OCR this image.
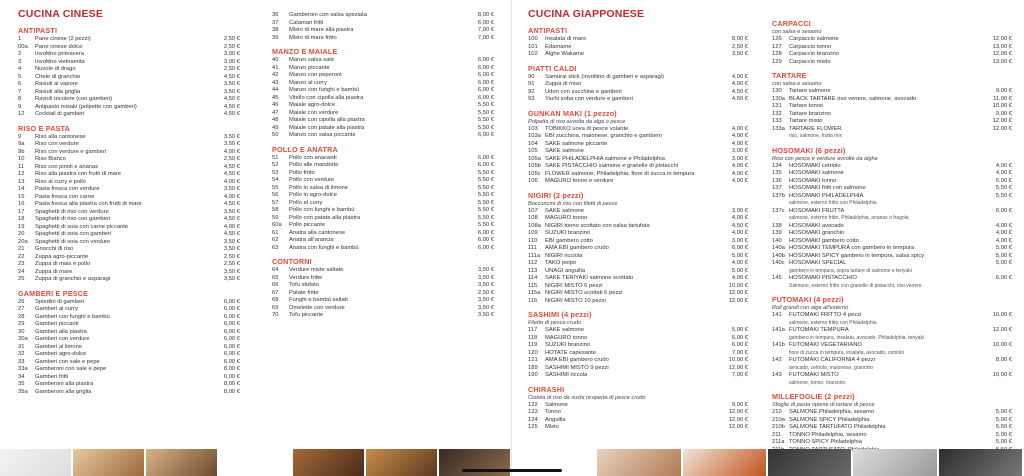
CUCINA CINESE
ANTIPASTI
1	Pane cinese (2 pezzi)	2,50 €
00a	Pane cinese dolce	2,50 €
2	Involtino primavera	3,00 €
3	Involtino vietnamita	3,00 €
4	Nuvole di drago	2,50 €
5	Chele di granchio	4,50 €
6	Ravioli al vapore	3,50 €
7	Ravioli alla griglia	3,50 €
8	Ravioli tricolore (con gamberi)	4,50 €
9	Antipasto misaki (polpette con gamberi)	4,50 €
12	Cocktail di gamberi	4,50 €
RISO E PASTA
9	Riso alla cantonese	3,50 €
9a	Riso con verdure	3,50 €
9b	Riso con verdure e gamberi	4,00 €
10	Riso Bianco	2,50 €
11	Riso con pinoli e ananas	4,50 €
12	Riso alla piastra con frutti di mare	4,50 €
13	Riso al curry e pollo	4,00 €
14	Pasta fresca con verdure	3,50 €
15	Pasta fresca con carne	4,00 €
16	Pasta fresca alla piastra con frutti di mare	4,50 €
17	Spaghetti di riso con verdure	3,50 €
18	Spaghetti di riso con gamberi	4,50 €
19	Spaghetti di soia con carne piccante	4,00 €
20	Spaghetti di soia con gamberi	4,50 €
20a	Spaghetti di soia con verdure	3,50 €
21	Gnocchi di riso	3,50 €
22	Zuppa agro-piccante	2,50 €
23	Zuppa di mais e pollo	2,50 €
24	Zuppa di mare	3,50 €
25	Zuppa di granchio e asparagi	3,50 €
GAMBERI E PESCE
26	Spiedini di gamberi	6,00 €
27	Gamberi al curry	6,00 €
28	Gamberi con funghi e bambù	6,00 €
29	Gamberi piccanti	6,00 €
30	Gamberi alla piastra	6,00 €
30a	Gamberi con verdure	6,00 €
31	Gamberi al limone	6,00 €
32	Gamberi agro-dolce	6,00 €
33	Gamberi con sale e pepe	6,00 €
33a	Gamberoni con sale e pepe	8,00 €
34	Gamberi fritti	6,00 €
35	Gamberoni alla piastra	8,00 €
35a	Gamberoni alla griglia	8,00 €
36	Gamberoni con salsa speziata	8,00 €
37	Calamari fritti	6,00 €
38	Misto di mare alla piastra	7,00 €
39	Misto di mare fritto	7,00 €
MANZO E MAIALE
40	Manzo salsa saté	6,00 €
41	Manzo piccante	6,00 €
42	Manzo con peperoni	6,00 €
43	Manzo al curry	6,00 €
44	Manzo con funghi e bambù	6,00 €
45	Vitello con cipolla alla piastra	6,00 €
46	Maiale agro-dolce	5,50 €
47	Maiale con verdure	5,50 €
48	Maiale con cipolla alla piastra	5,50 €
49	Maiale con patate alla piastra	5,50 €
50	Manzo con salsa piccante	6,00 €
POLLO E ANATRA
51	Pollo con anacardi	6,00 €
52	Pollo alle mandorle	6,00 €
53	Pollo fritto	5,50 €
54	Pollo con verdure	5,50 €
55	Pollo in salsa di limone	5,50 €
56	Pollo in agro-dolce	5,50 €
57	Pollo al curry	5,50 €
58	Pollo con funghi e bambù	5,50 €
59	Pollo con patate alla piastra	5,50 €
60a	Pollo piccante	5,50 €
61	Anatra alla cantonese	6,00 €
62	Anatra all'arancia	6,00 €
63	Anatra con funghi e bambù	6,00 €
CONTORNI
64	Verdure miste saltate	3,50 €
65	Verdure fritte	3,50 €
66	Tofu stufato	3,50 €
67	Patate fritte	2,50 €
68	Funghi e bambù saltati	3,50 €
69	Omelette con verdure	3,50 €
70	Tofu piccante	3,50 €
CUCINA GIAPPONESE
ANTIPASTI
100	Insalata di mare	8,00 €
101	Edamame	2,50 €
102	Alghe Wakame	3,50 €
PIATTI CALDI
90	Samurai stick (involtino di gamberi e asparagi)	4,00 €
91	Zuppa di miso	4,00 €
92	Udon con zucchine e gamberi	4,50 €
93	Yachi soba con verdure e gamberi	4,50 €
GUNKAN MAKI (1 pezzo)
Polpetta di riso avvolta da alga o pesce
103	TOBIKKO uova di pesce volante	4,00 €
103a EBI zucchina, maionese, granchio e gambero	4,00 €
104	SAKE salmone piccante	4,00 €
105	SAKE salmone	3,00 €
105a SAKE PHILADELPHIA salmone e Philadelphia	3,00 €
105b SAKE PISTACCHIO salmone e granelle di pistacchi	4,00 €
105c FLOWER salmone, Philadelphia, fiore di zucca in tempura	4,00 €
106	MAGURO tonno e verdure	4,00 €
NIGIRI (2 pezzi)
Bocconcini di riso con filetti di pesce
107	SAKE salmone	3,00 €
108	MAGURO tonno	4,00 €
108a NIGIRI tonno scottato con salsa tartufata	4,50 €
109	SUZUKI branzino	4,00 €
110	EBI gambero cotto	3,00 €
111	AMA EBI gambero crudo	6,00 €
111a NIGIRI ricciola	5,00 €
112	TAKO polpo	4,00 €
113	UNAGI anguilla	5,00 €
114	SAKE TERIYAKI salmone scottato	4,00 €
115	NIGIRI MISTO 6 pezzi	10,00 €
115a NIGIRI MISTO scottati 6 pezzi	12,00 €
116	NIGIRI MISTO 10 pezzi	12,00 €
SASHIMI (4 pezzi)
Filetto di pesce crudo
117	SAKE salmone	5,00 €
118	MAGURO tonno	6,00 €
119	SUZUKI branzino	6,00 €
120	HOTATE capesante	7,00 €
121	AMA EBI gambero crudo	10,00 €
189	SASHIMI MISTO 9 pezzi	12,00 €
190	SASHIMI riccola	7,00 €
CHIRASHI
Ciotola di riso da sushi ricoperta di pesce crudo
122	Salmone	9,00 €
123	Tonno	12,00 €
124	Anguilla	12,00 €
125	Misto	12,00 €
CARPACCI
con salsa e sesamo
126	Carpaccio salmone	12,00 €
127	Carpaccio tonno	13,00 €
128	Carpaccio branzino	12,00 €
129	Carpaccio misto	13,00 €
TARTARE
con salsa e sesamo
130	Tartare salmone	9,00 €
130a BLACK TARTARE riso venere, salmone, avocado	11,00 €
131	Tartare tonno	10,00 €
132	Tartare branzino	9,00 €
133	Tartare misto	12,00 €
133a TARTARE FLOWER	12,00 €
riso, salmone, frutta mix
HOSOMAKI (6 pezzi)
Riso con pesce e verdure avvolte da alghe
134	HOSOMAKI cetriolo	4,00 €
135	HOSOMAKI salmone	4,00 €
136	HOSOMAKI tonno	5,00 €
137	HOSOMAKI fritti con salmone	5,50 €
137b HOSOMAKI PHILADELPHIA	5,50 €
salmone, esterno fritto con Philadelphia
137c HOSOMAKI FRUTTA	6,00 €
salmone, esterno fritto, Philadelphia, ananas o fragola
138	HOSOMAKI avocado	4,00 €
139	HOSOMAKI granchio	4,00 €
140	HOSOMAKI gambero cotto	4,00 €
140a HOSOMAKI TEMPURA con gambero in tempura	5,00 €
140b HOSOMAKI SPICY gambero in tempura, salsa spicy	5,00 €
140c HOSOMAKI SPECIAL	5,00 €
gambero in tempura, sopra tartare di salmone e teriyaki
145	HOSOMAKI PISTACCHIO	6,00 €
Salmone, esterno fritto con granelle di pistacchi, riso venere
FUTOMAKI (4 pezzi)
Roll grandi con alga all'esterno
141	FUTOMAKI FRITTO 4 pezzi	10,00 €
salmone, esterno fritto con Philadelphia
141a FUTOMAKI TEMPURA	12,00 €
gambero in tempura, insalata, avocado, Philadelphia, teriyaki
141b FUTOMAKI VEGETARIANO	10,00 €
fiore di zucca in tempura, insalata, avocado, cetriolo
142	FUTOMAKI CALIFORNIA 4 pezzi	8,00 €
avocado, cetriolo, maionese, granchio
143	FUTOMAKI MISTO	10,00 €
salmone, tonno, branzino
MILLEFOGLIE (2 pezzi)
Sfoglie di pasta ripiene di tartare di pesce
210	SALMONE Philadelphia, sesamo	5,00 €
210a SALMONE SPICY Philadelphia	5,00 €
210b SALMONE TARTUFATO Philadelphia	5,50 €
211	TONNO Philadelphia, sesamo	5,00 €
211a TONNO SPICY Philadelphia	5,00 €
